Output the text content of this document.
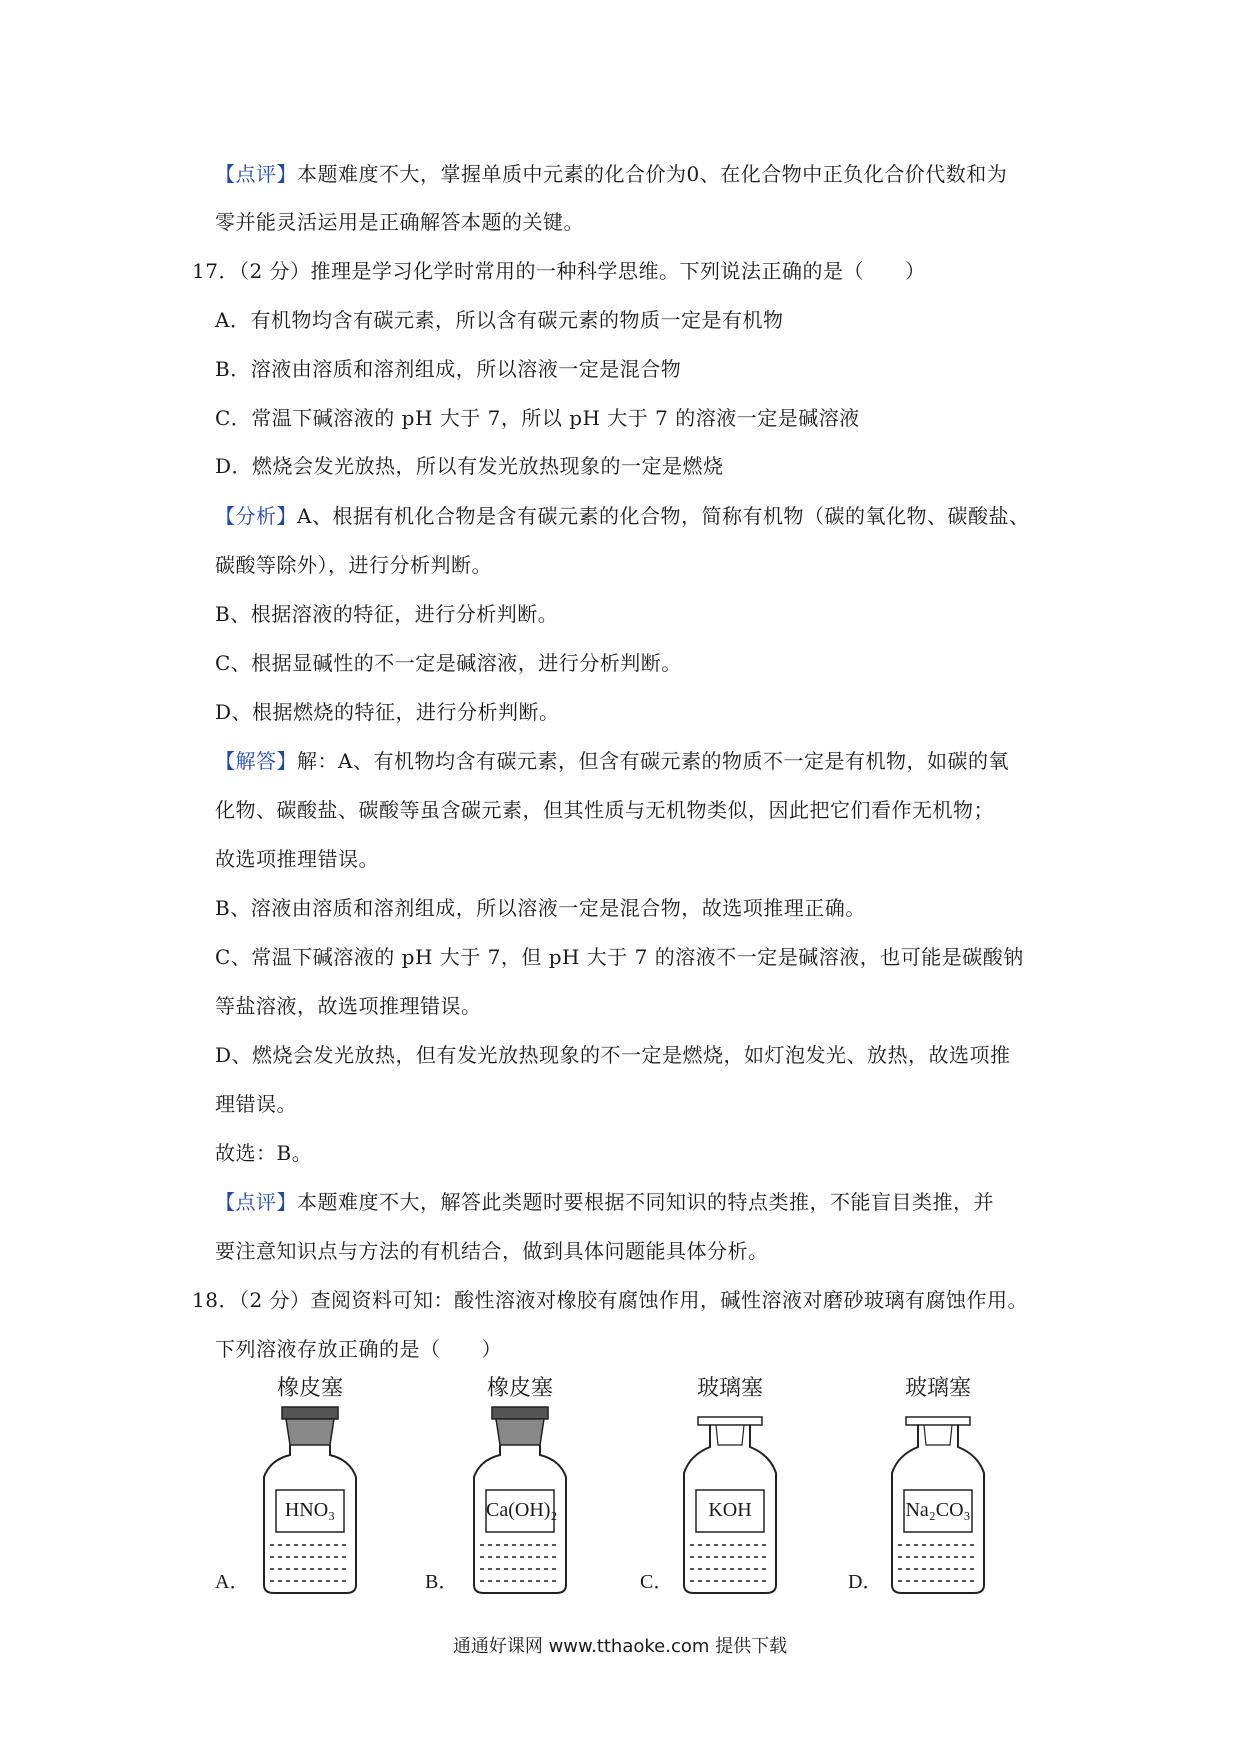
【点评】本题难度不大，掌握单质中元素的化合价为0、在化合物中正负化合价代数和为
零并能灵活运用是正确解答本题的关键。
17．（2 分）推理是学习化学时常用的一种科学思维。下列说法正确的是（　　）
A．有机物均含有碳元素，所以含有碳元素的物质一定是有机物
B．溶液由溶质和溶剂组成，所以溶液一定是混合物
C．常温下碱溶液的 pH 大于 7，所以 pH 大于 7 的溶液一定是碱溶液
D．燃烧会发光放热，所以有发光放热现象的一定是燃烧
【分析】A、根据有机化合物是含有碳元素的化合物，简称有机物（碳的氧化物、碳酸盐、
碳酸等除外），进行分析判断。
B、根据溶液的特征，进行分析判断。
C、根据显碱性的不一定是碱溶液，进行分析判断。
D、根据燃烧的特征，进行分析判断。
【解答】解：A、有机物均含有碳元素，但含有碳元素的物质不一定是有机物，如碳的氧
化物、碳酸盐、碳酸等虽含碳元素，但其性质与无机物类似，因此把它们看作无机物；
故选项推理错误。
B、溶液由溶质和溶剂组成，所以溶液一定是混合物，故选项推理正确。
C、常温下碱溶液的 pH 大于 7，但 pH 大于 7 的溶液不一定是碱溶液，也可能是碳酸钠
等盐溶液，故选项推理错误。
D、燃烧会发光放热，但有发光放热现象的不一定是燃烧，如灯泡发光、放热，故选项推
理错误。
故选：B。
【点评】本题难度不大，解答此类题时要根据不同知识的特点类推，不能盲目类推，并
要注意知识点与方法的有机结合，做到具体问题能具体分析。
18．（2 分）查阅资料可知：酸性溶液对橡胶有腐蚀作用，碱性溶液对磨砂玻璃有腐蚀作用。
下列溶液存放正确的是（　　）
橡皮塞
HNO₃
橡皮塞
Ca(OH)₂
玻璃塞
KOH
玻璃塞
Na₂CO₃
A．	B．	C．	D．
通通好课网 www.tthaoke.com 提供下载
